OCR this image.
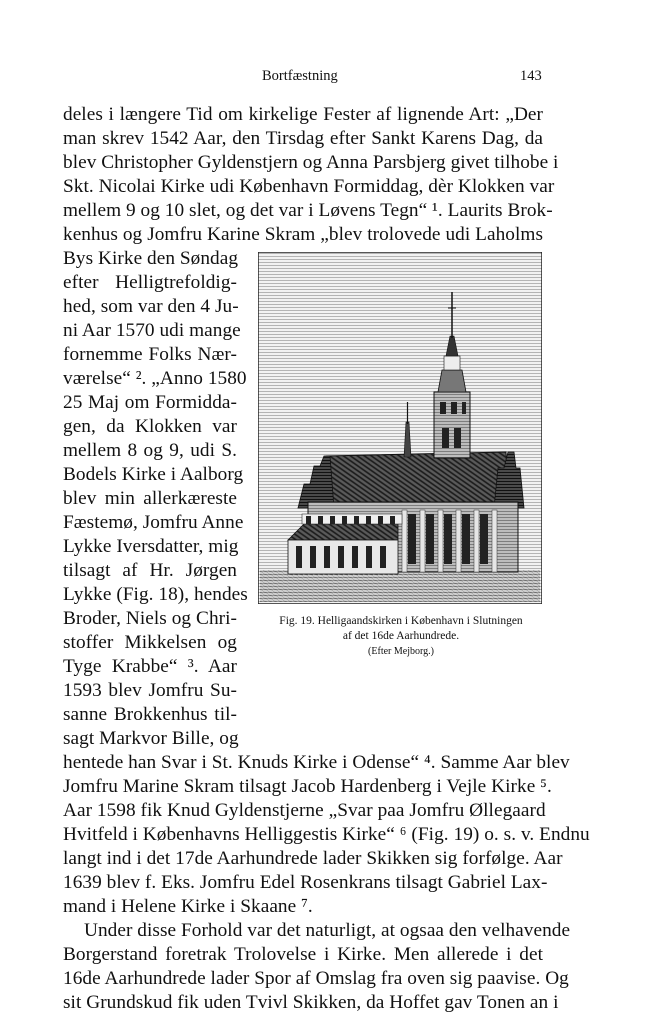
Bortfæstning	143
deles i længere Tid om kirkelige Fester af lignende Art: „Der
man skrev 1542 Aar, den Tirsdag efter Sankt Karens Dag, da
blev Christopher Gyldenstjern og Anna Parsbjerg givet tilhobe i
Skt. Nicolai Kirke udi København Formiddag, dèr Klokken var
mellem 9 og 10 slet, og det var i Løvens Tegn“ ¹. Laurits Brok-
kenhus og Jomfru Karine Skram „blev trolovede udi Laholms
Bys Kirke den Søndag
efter Helligtrefoldig-
hed, som var den 4 Ju-
ni Aar 1570 udi mange
fornemme Folks Nær-
værelse“ ². „Anno 1580
25 Maj om Formidda-
gen, da Klokken var
mellem 8 og 9, udi S.
Bodels Kirke i Aalborg
blev min allerkæreste
Fæstemø, Jomfru Anne
Lykke Iversdatter, mig
tilsagt af Hr. Jørgen
Lykke (Fig. 18), hendes
Broder, Niels og Chri-
stoffer Mikkelsen og
Tyge Krabbe“ ³. Aar
1593 blev Jomfru Su-
sanne Brokkenhus til-
sagt Markvor Bille, og
hentede han Svar i St. Knuds Kirke i Odense“ ⁴. Samme Aar blev
Jomfru Marine Skram tilsagt Jacob Hardenberg i Vejle Kirke ⁵.
Aar 1598 fik Knud Gyldenstjerne „Svar paa Jomfru Øllegaard
Hvitfeld i Københavns Helliggestis Kirke“ ⁶ (Fig. 19) o. s. v. Endnu
langt ind i det 17de Aarhundrede lader Skikken sig forfølge. Aar
1639 blev f. Eks. Jomfru Edel Rosenkrans tilsagt Gabriel Lax-
mand i Helene Kirke i Skaane ⁷.
Under disse Forhold var det naturligt, at ogsaa den velhavende
Borgerstand foretrak Trolovelse i Kirke. Men allerede i det
16de Aarhundrede lader Spor af Omslag fra oven sig paavise. Og
sit Grundskud fik uden Tvivl Skikken, da Hoffet gav Tonen an i
Fig. 19. Helligaandskirken i København i Slutningen
af det 16de Aarhundrede.
(Efter Mejborg.)
